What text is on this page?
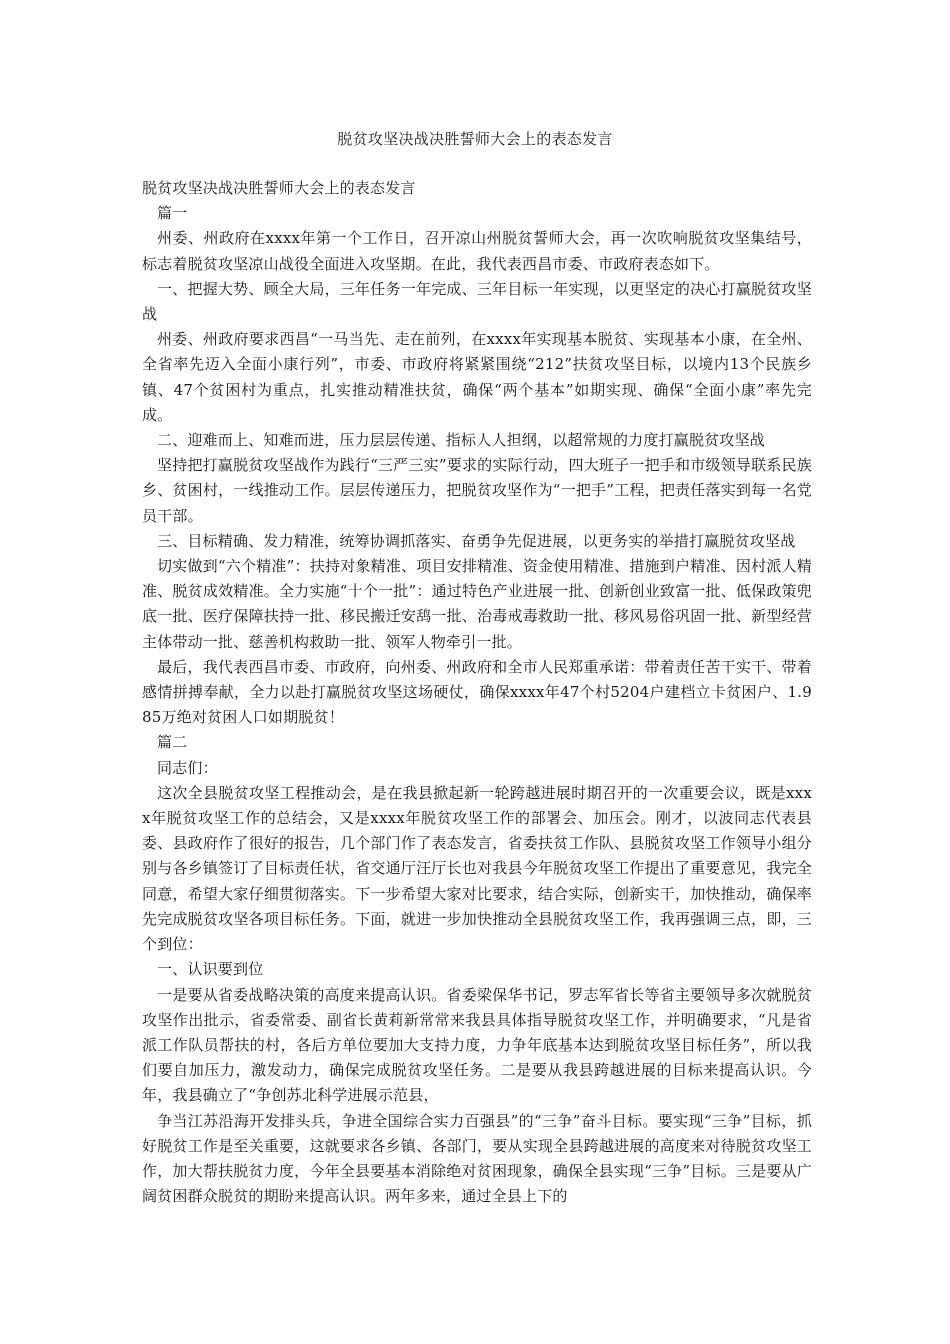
脱贫攻坚决战决胜誓师大会上的表态发言

脱贫攻坚决战决胜誓师大会上的表态发言

篇一

州委、州政府在xxxx年第一个工作日，召开凉山州脱贫誓师大会，再一次吹响脱贫攻坚集结号，标志着脱贫攻坚凉山战役全面进入攻坚期。在此，我代表西昌市委、市政府表态如下。

一、把握大势、顾全大局，三年任务一年完成、三年目标一年实现，以更坚定的决心打赢脱贫攻坚战

州委、州政府要求西昌“一马当先、走在前列，在xxxx年实现基本脱贫、实现基本小康，在全州、全省率先迈入全面小康行列”，市委、市政府将紧紧围绕“212”扶贫攻坚目标，以境内13个民族乡镇、47个贫困村为重点，扎实推动精准扶贫，确保“两个基本”如期实现、确保“全面小康”率先完成。

二、迎难而上、知难而进，压力层层传递、指标人人担纲，以超常规的力度打赢脱贫攻坚战

坚持把打赢脱贫攻坚战作为践行“三严三实”要求的实际行动，四大班子一把手和市级领导联系民族乡、贫困村，一线推动工作。层层传递压力，把脱贫攻坚作为“一把手”工程，把责任落实到每一名党员干部。

三、目标精确、发力精准，统筹协调抓落实、奋勇争先促进展，以更务实的举措打赢脱贫攻坚战

切实做到“六个精准”：扶持对象精准、项目安排精准、资金使用精准、措施到户精准、因村派人精准、脱贫成效精准。全力实施“十个一批”：通过特色产业进展一批、创新创业致富一批、低保政策兜底一批、医疗保障扶持一批、移民搬迁安鸹一批、治毒戒毒救助一批、移风易俗巩固一批、新型经营主体带动一批、慈善机构救助一批、领军人物牵引一批。

最后，我代表西昌市委、市政府，向州委、州政府和全市人民郑重承诺：带着责任苦干实干、带着感情拼搏奉献，全力以赴打赢脱贫攻坚这场硬仗，确保xxxx年47个村5204户建档立卡贫困户、1.985万绝对贫困人口如期脱贫！

篇二

同志们：

这次全县脱贫攻坚工程推动会，是在我县掀起新一轮跨越进展时期召开的一次重要会议，既是xxxx年脱贫攻坚工作的总结会，又是xxxx年脱贫攻坚工作的部署会、加压会。刚才，以波同志代表县委、县政府作了很好的报告，几个部门作了表态发言，省委扶贫工作队、县脱贫攻坚工作领导小组分别与各乡镇签订了目标责任状，省交通厅汪厅长也对我县今年脱贫攻坚工作提出了重要意见，我完全同意，希望大家仔细贯彻落实。下一步希望大家对比要求，结合实际，创新实干，加快推动，确保率先完成脱贫攻坚各项目标任务。下面，就进一步加快推动全县脱贫攻坚工作，我再强调三点，即，三个到位：

一、认识要到位

一是要从省委战略决策的高度来提高认识。省委梁保华书记，罗志军省长等省主要领导多次就脱贫攻坚作出批示，省委常委、副省长黄莉新常常来我县具体指导脱贫攻坚工作，并明确要求，“凡是省派工作队员帮扶的村，各后方单位要加大支持力度，力争年底基本达到脱贫攻坚目标任务”，所以我们要自加压力，激发动力，确保完成脱贫攻坚任务。二是要从我县跨越进展的目标来提高认识。今年，我县确立了“争创苏北科学进展示范县，

争当江苏沿海开发排头兵，争进全国综合实力百强县”的“三争”奋斗目标。要实现“三争”目标，抓好脱贫工作是至关重要，这就要求各乡镇、各部门，要从实现全县跨越进展的高度来对待脱贫攻坚工作，加大帮扶脱贫力度，今年全县要基本消除绝对贫困现象，确保全县实现“三争”目标。三是要从广阔贫困群众脱贫的期盼来提高认识。两年多来，通过全县上下的
